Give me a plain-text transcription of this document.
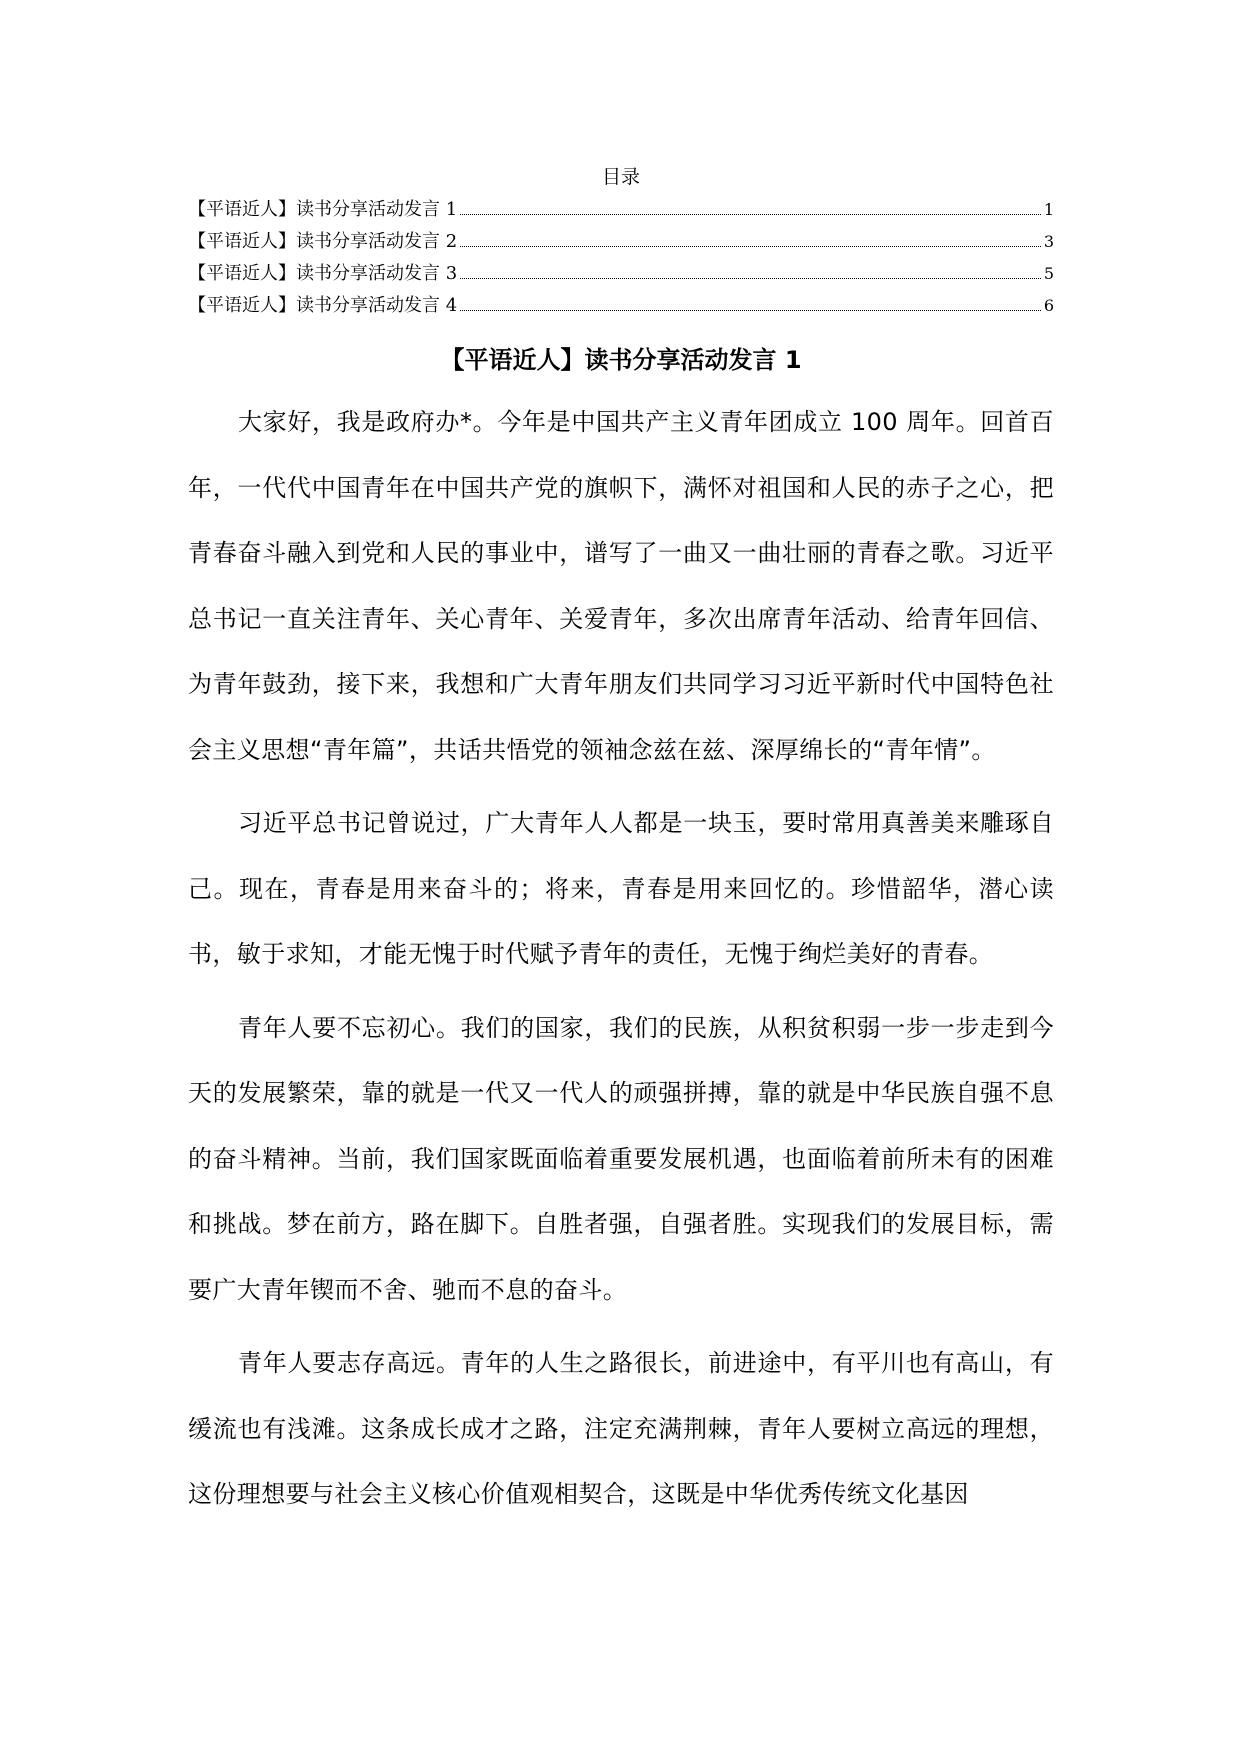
目录
【平语近人】读书分享活动发言 1	1
【平语近人】读书分享活动发言 2	3
【平语近人】读书分享活动发言 3	5
【平语近人】读书分享活动发言 4	6
【平语近人】读书分享活动发言 1

大家好，我是政府办*。今年是中国共产主义青年团成立 100 周年。回首百年，一代代中国青年在中国共产党的旗帜下，满怀对祖国和人民的赤子之心，把青春奋斗融入到党和人民的事业中，谱写了一曲又一曲壮丽的青春之歌。习近平总书记一直关注青年、关心青年、关爱青年，多次出席青年活动、给青年回信、为青年鼓劲，接下来，我想和广大青年朋友们共同学习习近平新时代中国特色社会主义思想“青年篇”，共话共悟党的领袖念兹在兹、深厚绵长的“青年情”。

习近平总书记曾说过，广大青年人人都是一块玉，要时常用真善美来雕琢自己。现在，青春是用来奋斗的；将来，青春是用来回忆的。珍惜韶华，潜心读书，敏于求知，才能无愧于时代赋予青年的责任，无愧于绚烂美好的青春。

青年人要不忘初心。我们的国家，我们的民族，从积贫积弱一步一步走到今天的发展繁荣，靠的就是一代又一代人的顽强拼搏，靠的就是中华民族自强不息的奋斗精神。当前，我们国家既面临着重要发展机遇，也面临着前所未有的困难和挑战。梦在前方，路在脚下。自胜者强，自强者胜。实现我们的发展目标，需要广大青年锲而不舍、驰而不息的奋斗。

青年人要志存高远。青年的人生之路很长，前进途中，有平川也有高山，有缓流也有浅滩。这条成长成才之路，注定充满荆棘，青年人要树立高远的理想，这份理想要与社会主义核心价值观相契合，这既是中华优秀传统文化基因
